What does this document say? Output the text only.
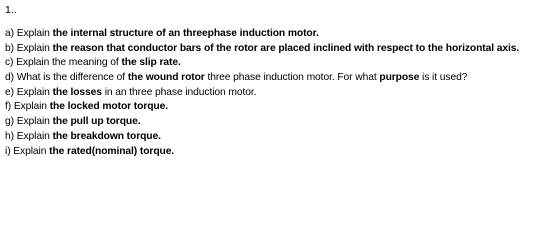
1..
a) Explain the internal structure of an threephase induction motor.
b) Explain the reason that conductor bars of the rotor are placed inclined with respect to the horizontal axis.
c) Explain the meaning of the slip rate.
d) What is the difference of the wound rotor three phase induction motor. For what purpose is it used?
e) Explain the losses in an three phase induction motor.
f) Explain the locked motor torque.
g) Explain the pull up torque.
h) Explain the breakdown torque.
i) Explain the rated(nominal) torque.
